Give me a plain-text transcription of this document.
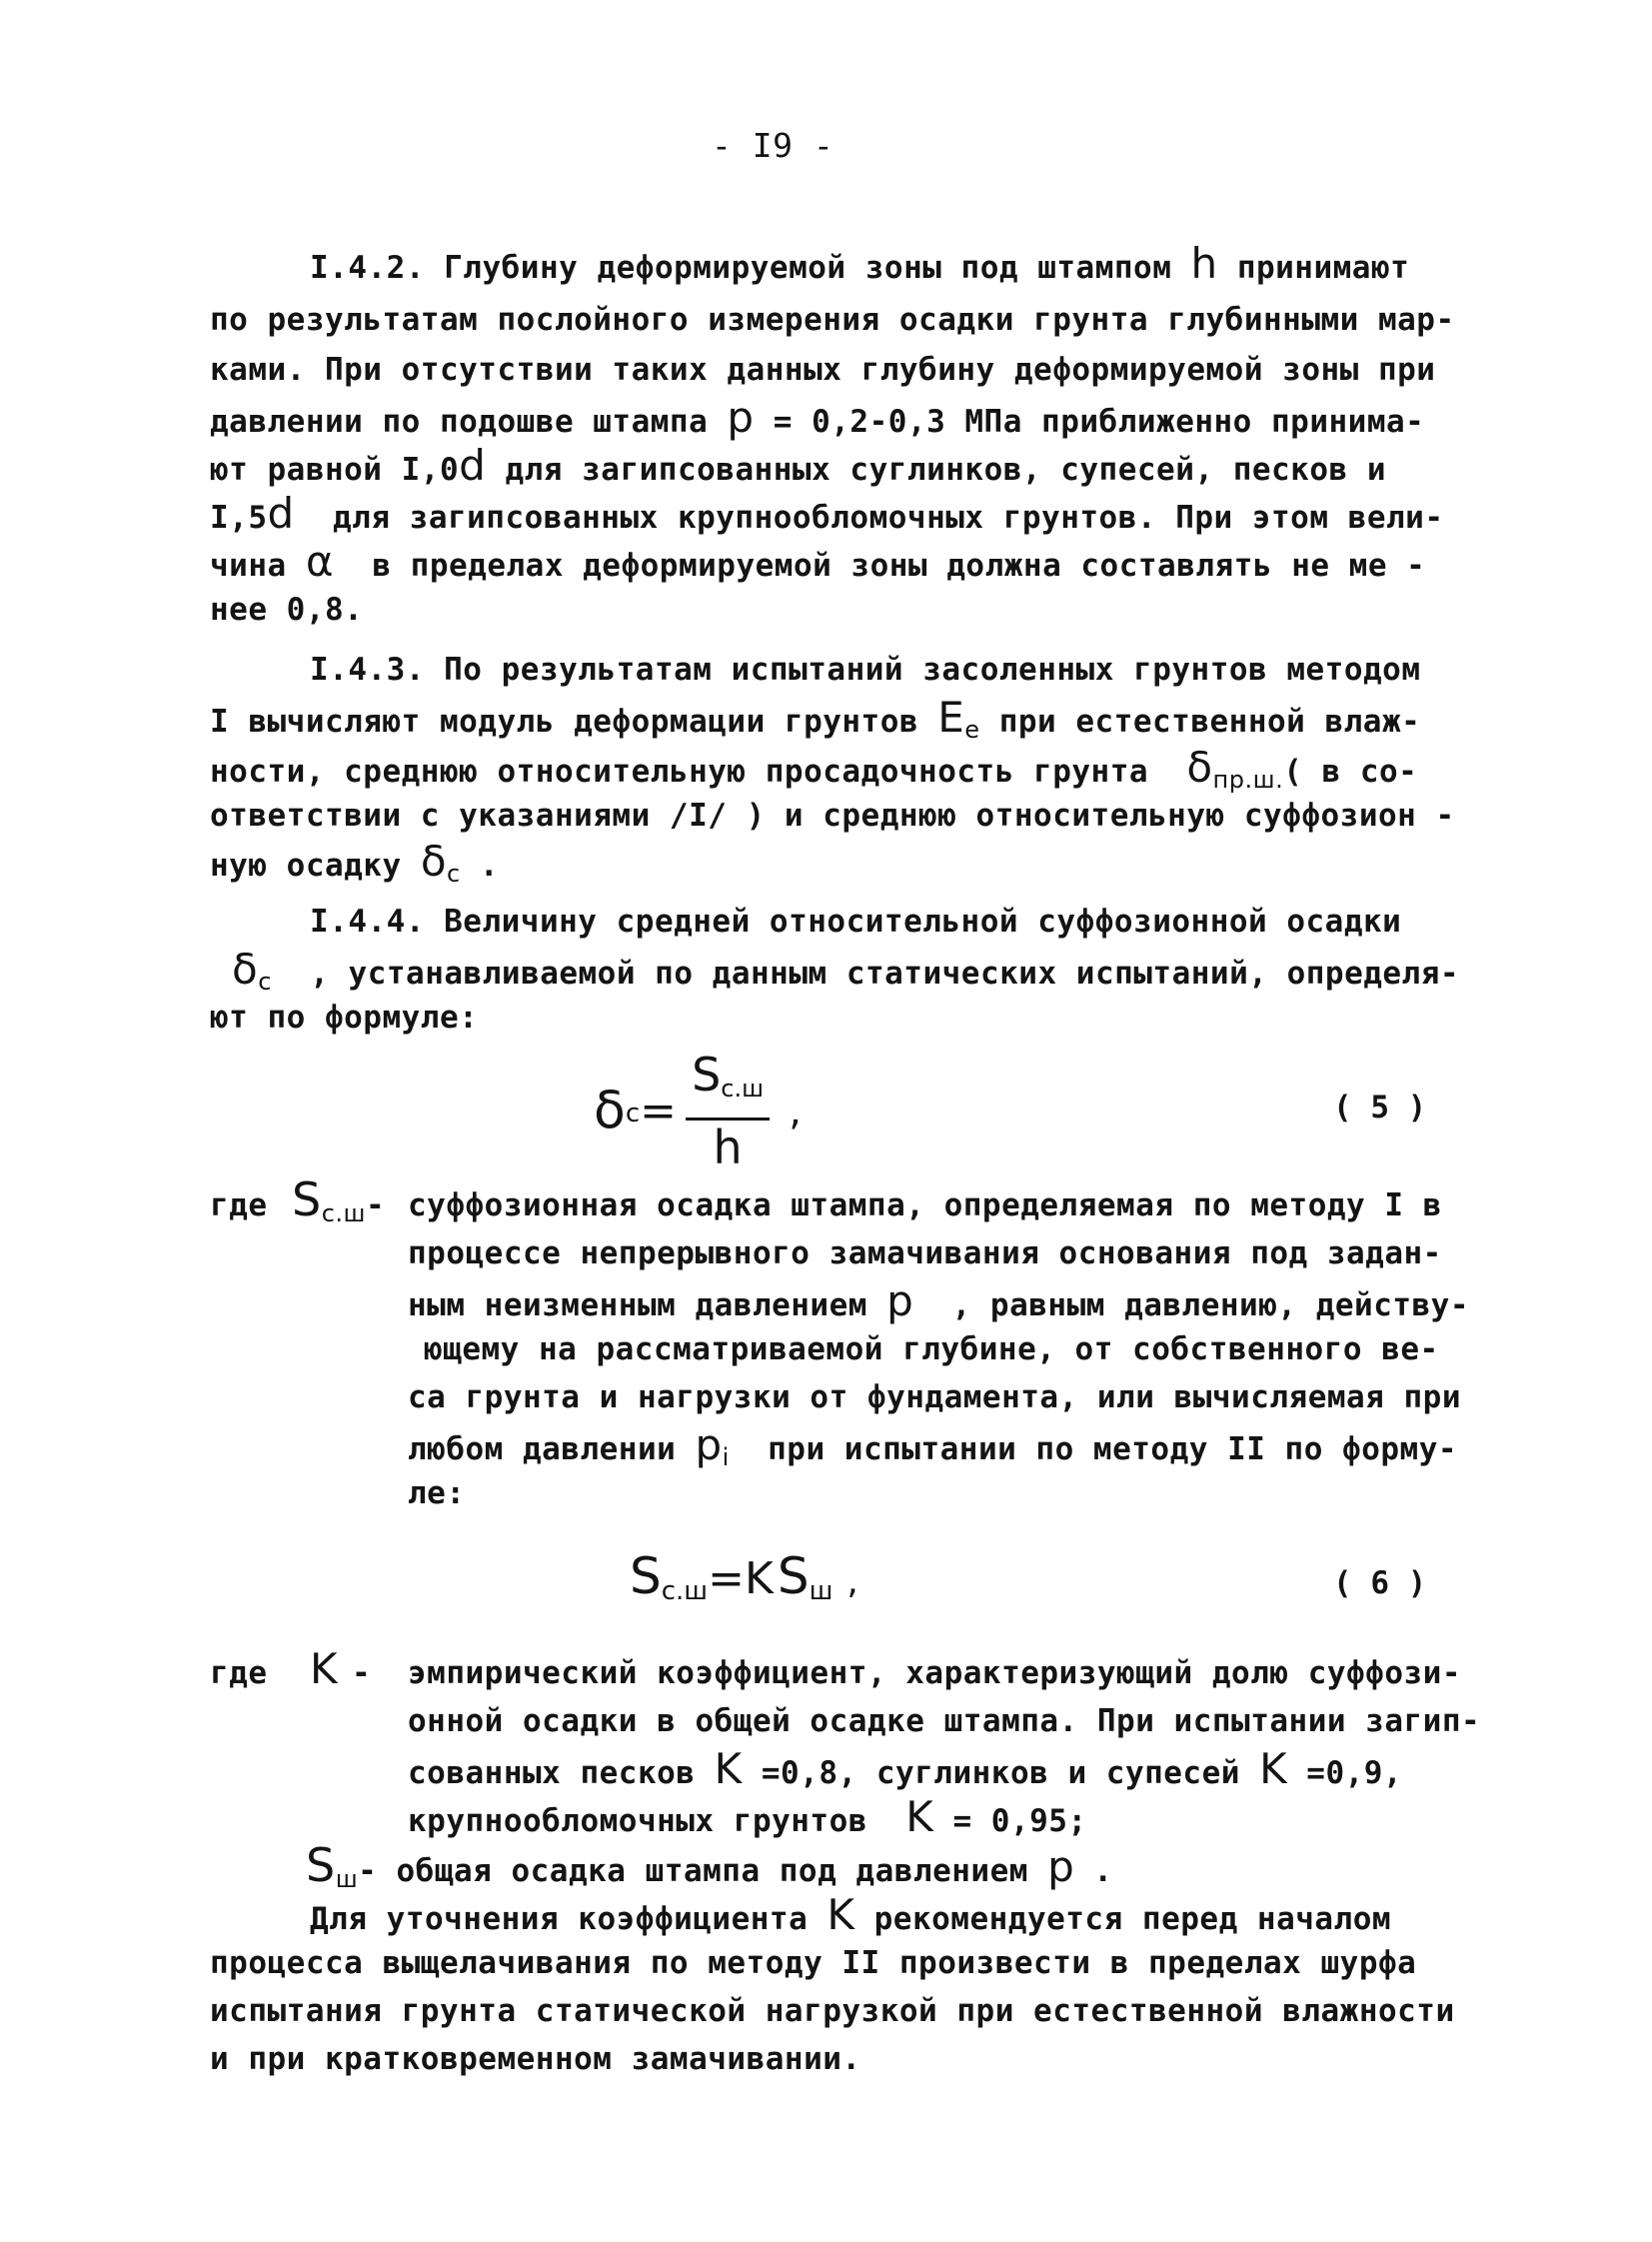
- I9 -
I.4.2. Глубину деформируемой зоны под штампом h принимают
по результатам послойного измерения осадки грунта глубинными мар-
ками. При отсутствии таких данных глубину деформируемой зоны при
давлении по подошве штампа p = 0,2-0,3 МПа приближенно принима-
ют равной I,0d для загипсованных суглинков, супесей, песков и
I,5d  для загипсованных крупнообломочных грунтов. При этом вели-
чина α  в пределах деформируемой зоны должна составлять не ме -
нее 0,8.
I.4.3. По результатам испытаний засоленных грунтов методом
I вычисляют модуль деформации грунтов $E_e$ при естественной влаж-
ности, среднюю относительную просадочность грунта  $\delta_{пр.ш.}$( в со-
ответствии с указаниями /I/ ) и среднюю относительную суффозион -
ную осадку $\delta_c$ .
I.4.4. Величину средней относительной суффозионной осадки
$\delta_c$  , устанавливаемой по данным статических испытаний, определя-
ют по формуле:
$\delta c= \frac{S_{c.ш}}{h}$ ,	( 5 )
где $S_{c.ш}-$ суффозионная осадка штампа, определяемая по методу I в
процессе непрерывного замачивания основания под задан-
ным неизменным давлением p  , равным давлению, действу-
ющему на рассматриваемой глубине, от собственного ве-
са грунта и нагрузки от фундамента, или вычисляемая при
любом давлении $p_i$  при испытании по методу II по форму-
ле:
Sc.ш=KSш ,	( 6 )
где K - эмпирический коэффициент, характеризующий долю суффози-
онной осадки в общей осадке штампа. При испытании загип-
сованных песков K =0,8, суглинков и супесей K =0,9,
крупнообломочных грунтов  K = 0,95;
$S_ш-$ общая осадка штампа под давлением p .
Для уточнения коэффициента K рекомендуется перед началом
процесса выщелачивания по методу II произвести в пределах шурфа
испытания грунта статической нагрузкой при естественной влажности
и при кратковременном замачивании.
